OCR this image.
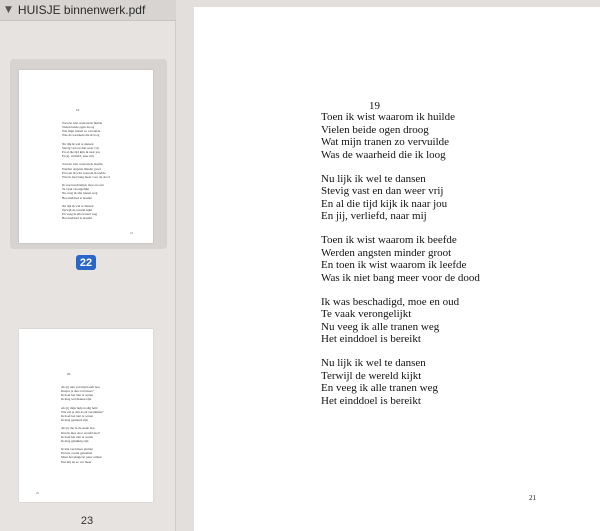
▼ HUISJE binnenwerk.pdf

19

Toen ik wist waarom ik huilde
Vielen beide ogen droog
Wat mijn tranen zo vervuilde
Was de waarheid die ik loog

Nu lijk ik wel te dansen
Stevig vast en dan weer vrij
En al die tijd kijk ik naar jou
En jij, verliefd, naar mij

Toen ik wist waarom ik beefde
Werden angsten minder groot
En toen ik wist waarom ik leefde
Was ik niet bang meer voor de dood

Ik was beschadigd, moe en oud
Te vaak verongelijkt
Nu veeg ik alle tranen weg
Het einddoel is bereikt

Nu lijk ik wel te dansen
Terwijl de wereld kijkt
En veeg ik alle tranen weg
Het einddoel is bereikt

21
22

20

Als jij niet van mij houdt hou
Kusjes je dan ooit meer?
Ik hoef het niet te weten
Ik mag wel maken zijn

Als jij mijn hulp nodig hebt
Wie zal je dan nooit verzuimen?
Ik hoef het niet te weten
Ik mag genieten zijn

Als jij me in de steek laat
Dan ik mee door wereld niet?
Ik hoef het niet te weten
Ik mag gelukkig zijn

Ik kan veel meer pleiten
En ben overal gekomen
Maar het plekje in jouw armen
Dat mij nu zo ver meer

22
23
19
Toen ik wist waarom ik huilde
Vielen beide ogen droog
Wat mijn tranen zo vervuilde
Was de waarheid die ik loog
Nu lijk ik wel te dansen
Stevig vast en dan weer vrij
En al die tijd kijk ik naar jou
En jij, verliefd, naar mij
Toen ik wist waarom ik beefde
Werden angsten minder groot
En toen ik wist waarom ik leefde
Was ik niet bang meer voor de dood
Ik was beschadigd, moe en oud
Te vaak verongelijkt
Nu veeg ik alle tranen weg
Het einddoel is bereikt
Nu lijk ik wel te dansen
Terwijl de wereld kijkt
En veeg ik alle tranen weg
Het einddoel is bereikt
21
